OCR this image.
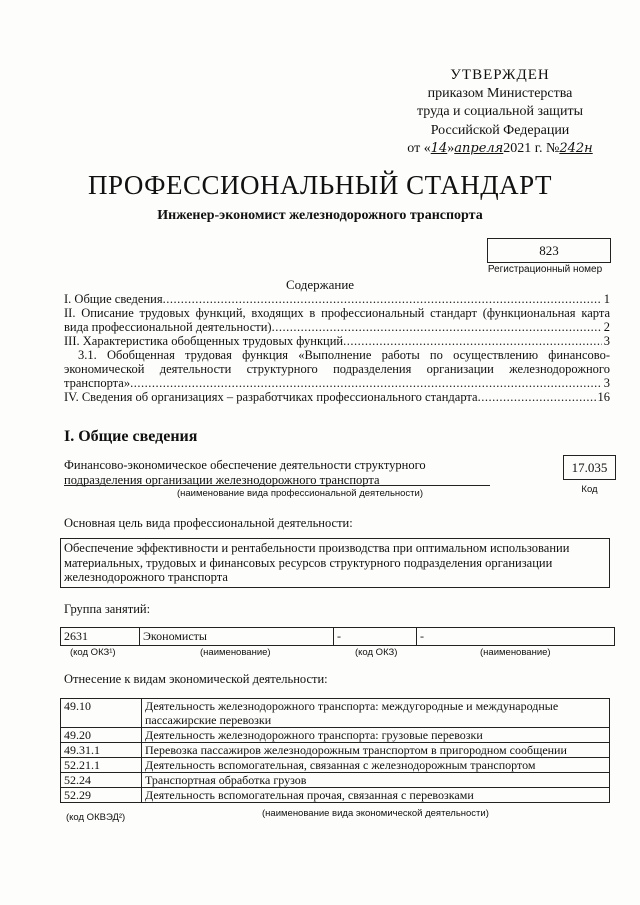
УТВЕРЖДЕН
приказом Министерства
труда и социальной защиты
Российской Федерации
от «14»апреля2021 г. №242н
ПРОФЕССИОНАЛЬНЫЙ СТАНДАРТ
Инженер-экономист железнодорожного транспорта
823
Регистрационный номер
Содержание
I. Общие сведения .....	1
II. Описание трудовых функций, входящих в профессиональный стандарт (функциональная карта
вида профессиональной деятельности) .....	2
III. Характеристика обобщенных трудовых функций .....	3
3.1. Обобщенная трудовая функция «Выполнение работы по осуществлению финансово-
экономической деятельности структурного подразделения организации железнодорожного
транспорта» .....	3
IV. Сведения об организациях – разработчиках профессионального стандарта .....	16
I. Общие сведения
Финансово-экономическое обеспечение деятельности структурного
подразделения организации железнодорожного транспорта
(наименование вида профессиональной деятельности)
17.035
Код
Основная цель вида профессиональной деятельности:
Обеспечение эффективности и рентабельности производства при оптимальном использовании
материальных, трудовых и финансовых ресурсов структурного подразделения организации
железнодорожного транспорта
Группа занятий:
2631	Экономисты	-	-
(код ОКЗ¹)	(наименование)	(код ОКЗ)	(наименование)
Отнесение к видам экономической деятельности:
49.10	Деятельность железнодорожного транспорта: междугородные и международные пассажирские перевозки
49.20	Деятельность железнодорожного транспорта: грузовые перевозки
49.31.1	Перевозка пассажиров железнодорожным транспортом в пригородном сообщении
52.21.1	Деятельность вспомогательная, связанная с железнодорожным транспортом
52.24	Транспортная обработка грузов
52.29	Деятельность вспомогательная прочая, связанная с перевозками
(код ОКВЭД²)	(наименование вида экономической деятельности)
